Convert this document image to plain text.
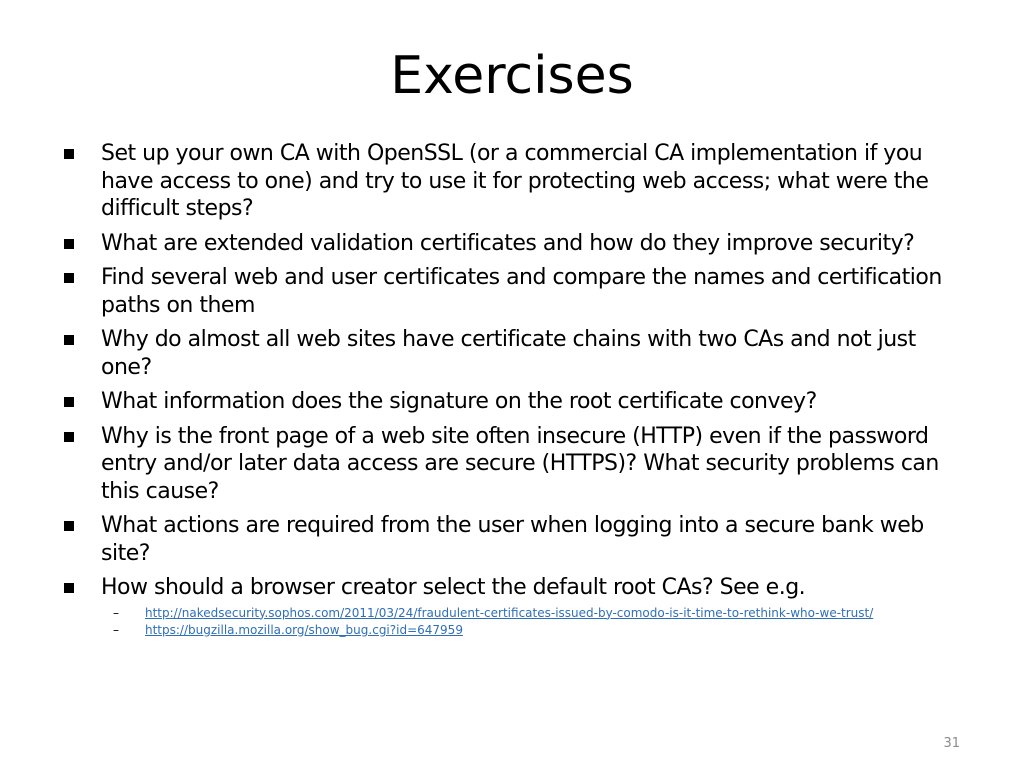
Exercises
Set up your own CA with OpenSSL (or a commercial CA implementation if you have access to one) and try to use it for protecting web access; what were the difficult steps?
What are extended validation certificates and how do they improve security?
Find several web and user certificates and compare the names and certification paths on them
Why do almost all web sites have certificate chains with two CAs and not just one?
What information does the signature on the root certificate convey?
Why is the front page of a web site often insecure (HTTP) even if the password entry and/or later data access are secure (HTTPS)? What security problems can this cause?
What actions are required from the user when logging into a secure bank web site?
How should a browser creator select the default root CAs? See e.g.
– http://nakedsecurity.sophos.com/2011/03/24/fraudulent-certificates-issued-by-comodo-is-it-time-to-rethink-who-we-trust/
– https://bugzilla.mozilla.org/show_bug.cgi?id=647959
31
